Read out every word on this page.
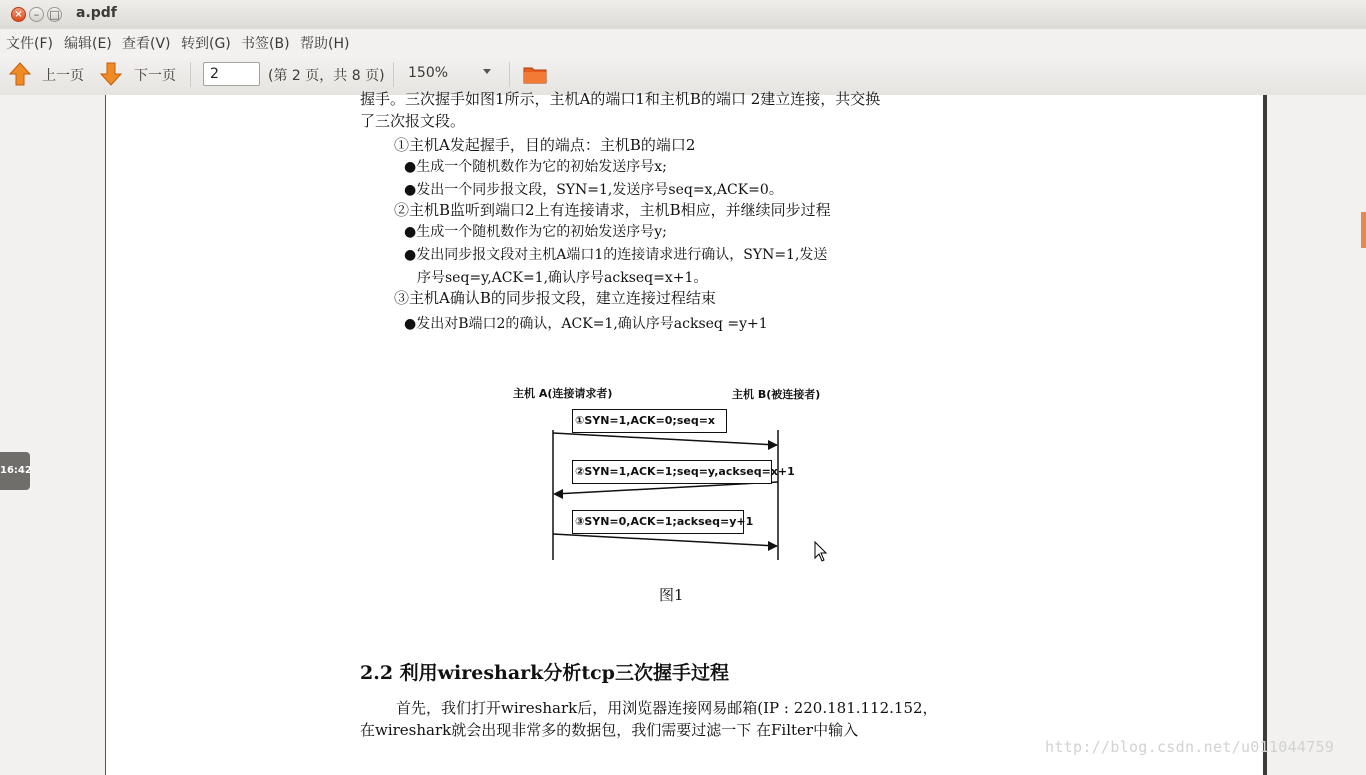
×	– □ a.pdf
文件(F) 编辑(E) 查看(V) 转到(G) 书签(B) 帮助(H)
上一页	下一页
2	(第 2 页，共 8 页) 150%
16:42
握手。三次握手如图1所示，主机A的端口1和主机B的端口 2建立连接，共交换
了三次报文段。
①主机A发起握手，目的端点：主机B的端口2
●生成一个随机数作为它的初始发送序号x;
●发出一个同步报文段，SYN=1,发送序号seq=x,ACK=0。
②主机B监听到端口2上有连接请求，主机B相应，并继续同步过程
●生成一个随机数作为它的初始发送序号y;
●发出同步报文段对主机A端口1的连接请求进行确认，SYN=1,发送
序号seq=y,ACK=1,确认序号ackseq=x+1。
③主机A确认B的同步报文段，建立连接过程结束
●发出对B端口2的确认，ACK=1,确认序号ackseq =y+1
主机 A(连接请求者)	主机 B(被连接者)
①SYN=1,ACK=0;seq=x
②SYN=1,ACK=1;seq=y,ackseq=x+1
③SYN=0,ACK=1;ackseq=y+1
图1
2.2 利用wireshark分析tcp三次握手过程
首先，我们打开wireshark后，用浏览器连接网易邮箱(IP : 220.181.112.152，
在wireshark就会出现非常多的数据包，我们需要过滤一下 在Filter中输入
http://blog.csdn.net/u011044759
